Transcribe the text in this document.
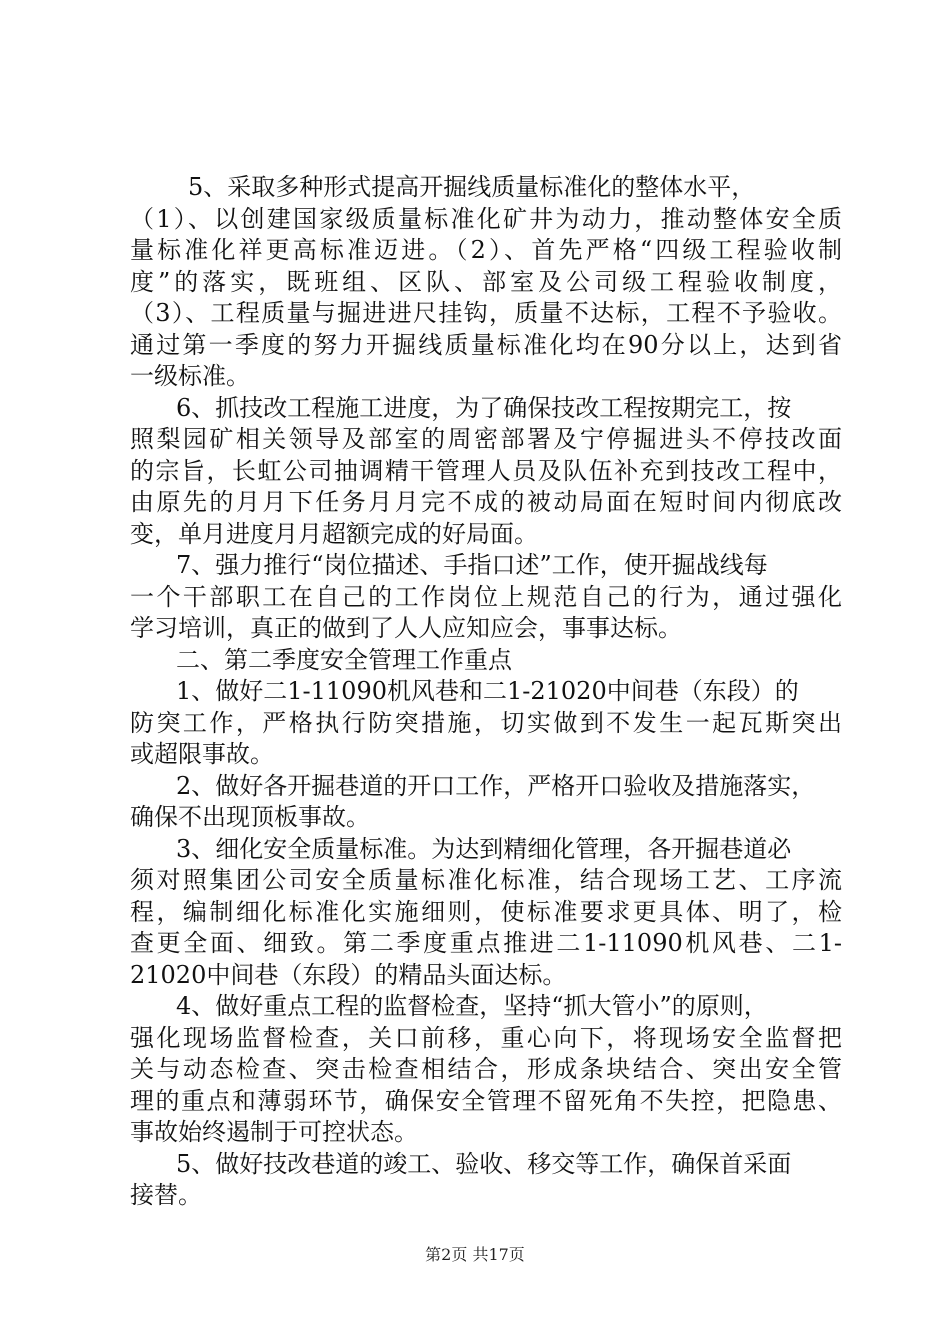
5、采取多种形式提高开掘线质量标准化的整体水平，
（1）、以创建国家级质量标准化矿井为动力，推动整体安全质
量标准化祥更高标准迈进。（2）、首先严格“四级工程验收制
度”的落实，既班组、区队、部室及公司级工程验收制度，
（3）、工程质量与掘进进尺挂钩，质量不达标，工程不予验收。
通过第一季度的努力开掘线质量标准化均在90分以上，达到省
一级标准。
6、抓技改工程施工进度，为了确保技改工程按期完工，按
照梨园矿相关领导及部室的周密部署及宁停掘进头不停技改面
的宗旨，长虹公司抽调精干管理人员及队伍补充到技改工程中，
由原先的月月下任务月月完不成的被动局面在短时间内彻底改
变，单月进度月月超额完成的好局面。
7、强力推行“岗位描述、手指口述”工作，使开掘战线每
一个干部职工在自己的工作岗位上规范自己的行为，通过强化
学习培训，真正的做到了人人应知应会，事事达标。
二、第二季度安全管理工作重点
1、做好二1-11090机风巷和二1-21020中间巷（东段）的
防突工作，严格执行防突措施，切实做到不发生一起瓦斯突出
或超限事故。
2、做好各开掘巷道的开口工作，严格开口验收及措施落实，
确保不出现顶板事故。
3、细化安全质量标准。为达到精细化管理，各开掘巷道必
须对照集团公司安全质量标准化标准，结合现场工艺、工序流
程，编制细化标准化实施细则，使标准要求更具体、明了，检
查更全面、细致。第二季度重点推进二1-11090机风巷、二1-
21020中间巷（东段）的精品头面达标。
4、做好重点工程的监督检查，坚持“抓大管小”的原则，
强化现场监督检查，关口前移，重心向下，将现场安全监督把
关与动态检查、突击检查相结合，形成条块结合、突出安全管
理的重点和薄弱环节，确保安全管理不留死角不失控，把隐患、
事故始终遏制于可控状态。
5、做好技改巷道的竣工、验收、移交等工作，确保首采面
接替。
第2页 共17页
